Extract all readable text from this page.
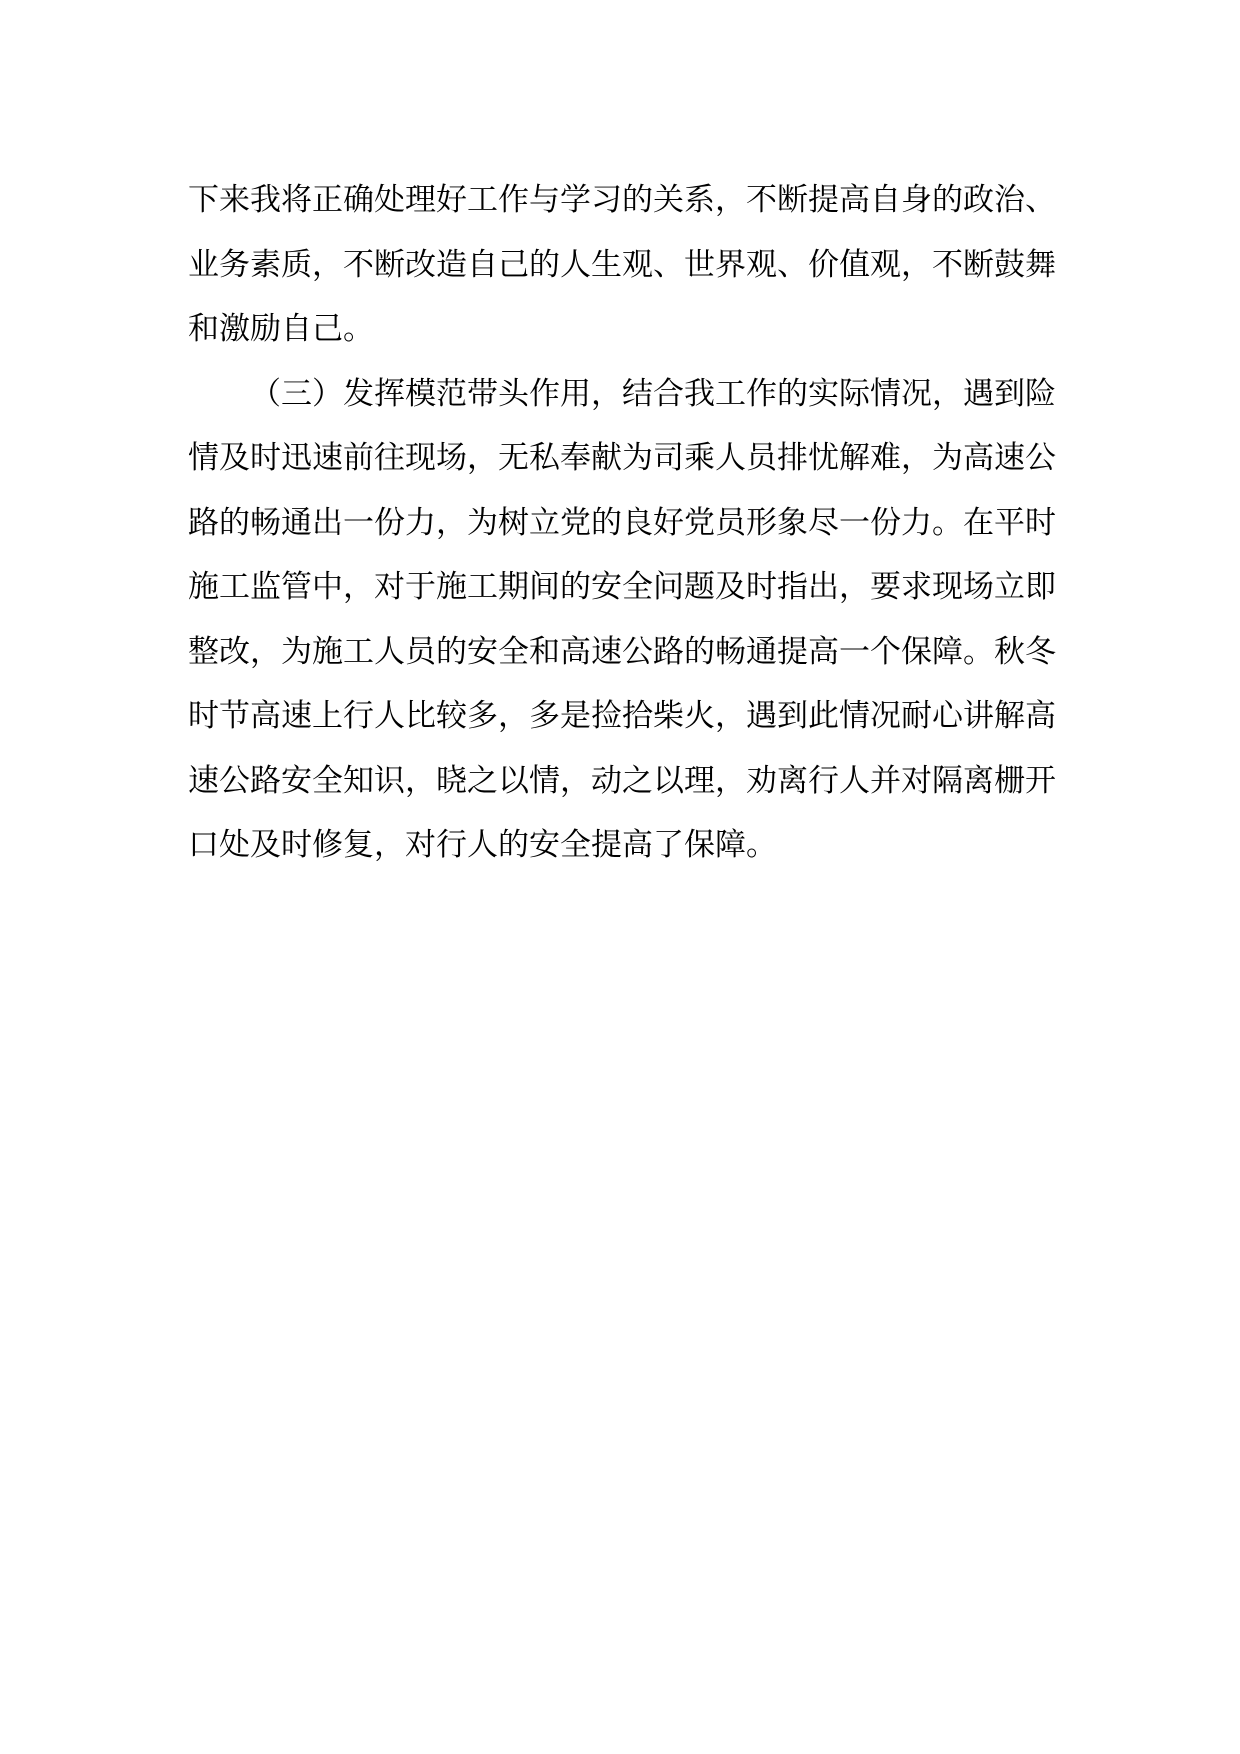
下来我将正确处理好工作与学习的关系，不断提高自身的政治、业务素质，不断改造自己的人生观、世界观、价值观，不断鼓舞和激励自己。

（三）发挥模范带头作用，结合我工作的实际情况，遇到险情及时迅速前往现场，无私奉献为司乘人员排忧解难，为高速公路的畅通出一份力，为树立党的良好党员形象尽一份力。在平时施工监管中，对于施工期间的安全问题及时指出，要求现场立即整改，为施工人员的安全和高速公路的畅通提高一个保障。秋冬时节高速上行人比较多，多是捡拾柴火，遇到此情况耐心讲解高速公路安全知识，晓之以情，动之以理，劝离行人并对隔离栅开口处及时修复，对行人的安全提高了保障。
